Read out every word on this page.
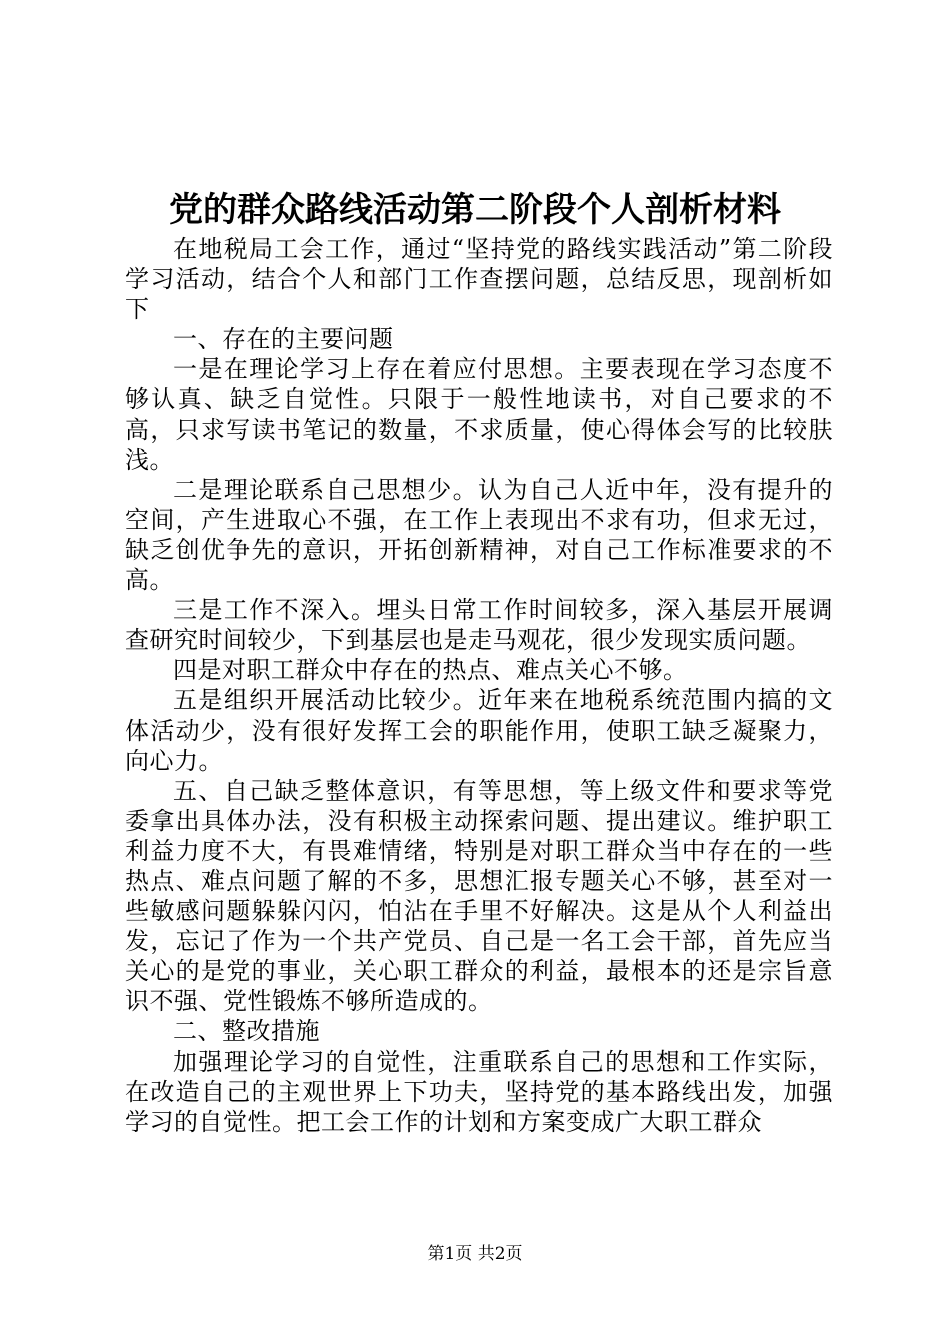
党的群众路线活动第二阶段个人剖析材料

在地税局工会工作，通过“坚持党的路线实践活动”第二阶段学习活动，结合个人和部门工作查摆问题，总结反思，现剖析如下

一、存在的主要问题

一是在理论学习上存在着应付思想。主要表现在学习态度不够认真、缺乏自觉性。只限于一般性地读书，对自己要求的不高，只求写读书笔记的数量，不求质量，使心得体会写的比较肤浅。

二是理论联系自己思想少。认为自己人近中年，没有提升的空间，产生进取心不强，在工作上表现出不求有功，但求无过，缺乏创优争先的意识，开拓创新精神，对自己工作标准要求的不高。

三是工作不深入。埋头日常工作时间较多，深入基层开展调查研究时间较少，下到基层也是走马观花，很少发现实质问题。

四是对职工群众中存在的热点、难点关心不够。

五是组织开展活动比较少。近年来在地税系统范围内搞的文体活动少，没有很好发挥工会的职能作用，使职工缺乏凝聚力，向心力。

五、自己缺乏整体意识，有等思想，等上级文件和要求等党委拿出具体办法，没有积极主动探索问题、提出建议。维护职工利益力度不大，有畏难情绪，特别是对职工群众当中存在的一些热点、难点问题了解的不多，思想汇报专题关心不够，甚至对一些敏感问题躲躲闪闪，怕沾在手里不好解决。这是从个人利益出发，忘记了作为一个共产党员、自己是一名工会干部，首先应当关心的是党的事业，关心职工群众的利益，最根本的还是宗旨意识不强、党性锻炼不够所造成的。

二、整改措施

加强理论学习的自觉性，注重联系自己的思想和工作实际，在改造自己的主观世界上下功夫，坚持党的基本路线出发，加强学习的自觉性。把工会工作的计划和方案变成广大职工群众

第1页 共2页
